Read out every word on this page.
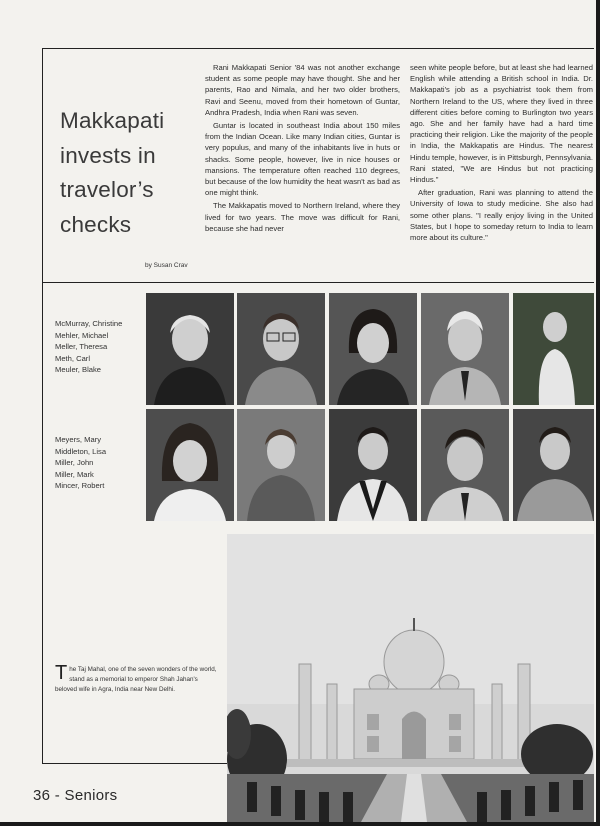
Makkapati
invests in
travelor’s
checks
by Susan Crav

Rani Makkapati Senior '84 was not another exchange student as some people may have thought. She and her parents, Rao and Nimala, and her two older brothers, Ravi and Seenu, moved from their hometown of Guntar, Andhra Pradesh, India when Rani was seven.

Guntar is located in southeast India about 150 miles from the Indian Ocean. Like many Indian cities, Guntar is very populus, and many of the inhabitants live in huts or shacks. Some people, however, live in nice houses or mansions. The temperature often reached 110 degrees, but because of the low humidity the heat wasn't as bad as one might think.

The Makkapatis moved to Northern Ireland, where they lived for two years. The move was difficult for Rani, because she had never

seen white people before, but at least she had learned English while attending a British school in India. Dr. Makkapati's job as a psychiatrist took them from Northern Ireland to the US, where they lived in three different cities before coming to Burlington two years ago. She and her family have had a hard time practicing their religion. Like the majority of the people in India, the Makkapatis are Hindus. The nearest Hindu temple, however, is in Pittsburgh, Pennsylvania. Rani stated, "We are Hindus but not practicing Hindus."

After graduation, Rani was planning to attend the University of Iowa to study medicine. She also had some other plans. "I really enjoy living in the United States, but I hope to someday return to India to learn more about its culture."

McMurray, Christine
Mehler, Michael
Meller, Theresa
Meth, Carl
Meuler, Blake
Meyers, Mary
Middleton, Lisa
Miller, John
Miller, Mark
Mincer, Robert
The Taj Mahal, one of the seven wonders of the world, stand as a memorial to emperor Shah Jahan's beloved wife in Agra, India near New Delhi.
36 - Seniors
